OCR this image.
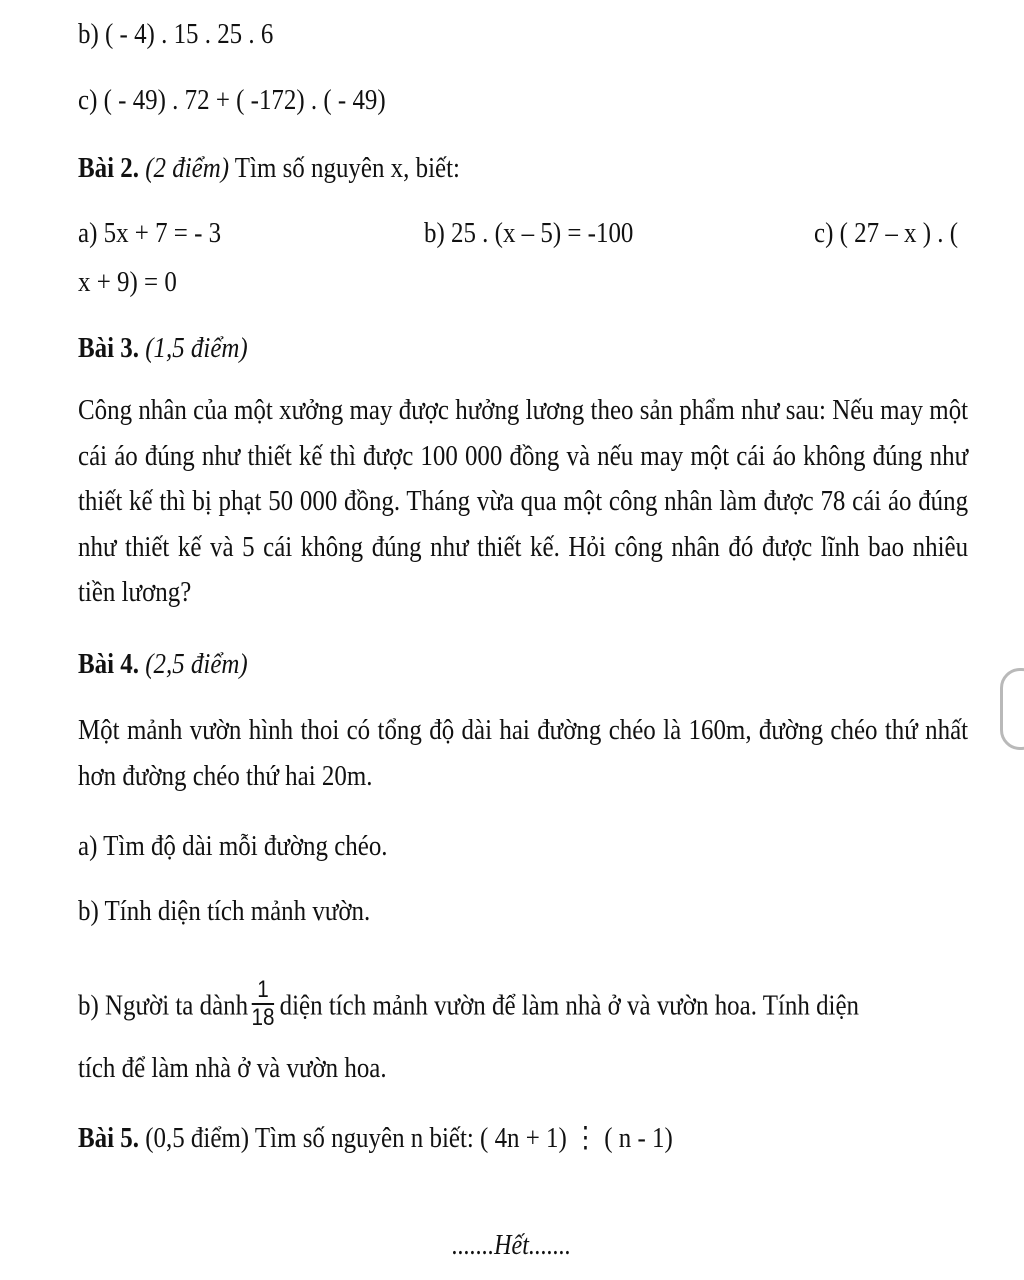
b) ( - 4) . 15 . 25 . 6
c) ( - 49) . 72 + ( -172) . ( - 49)
Bài 2. (2 điểm) Tìm số nguyên x, biết:
a) 5x + 7 = - 3	b) 25 . (x – 5) = -100	c) ( 27 – x ) . (
x + 9) = 0
Bài 3. (1,5 điểm)
Công nhân của một xưởng may được hưởng lương theo sản phẩm như sau: Nếu may một cái áo đúng như thiết kế thì được 100 000 đồng và nếu may một cái áo không đúng như thiết kế thì bị phạt 50 000 đồng. Tháng vừa qua một công nhân làm được 78 cái áo đúng như thiết kế và 5 cái không đúng như thiết kế. Hỏi công nhân đó được lĩnh bao nhiêu tiền lương?
Bài 4. (2,5 điểm)
Một mảnh vườn hình thoi có tổng độ dài hai đường chéo là 160m, đường chéo thứ nhất hơn đường chéo thứ hai 20m.
a) Tìm độ dài mỗi đường chéo.
b) Tính diện tích mảnh vườn.
b) Người ta dành $\frac{1}{18}$ diện tích mảnh vườn để làm nhà ở và vườn hoa. Tính diện
tích để làm nhà ở và vườn hoa.
Bài 5. (0,5 điểm) Tìm số nguyên n biết: ( 4n + 1) ⋮ ( n - 1)
.......Hết.......
